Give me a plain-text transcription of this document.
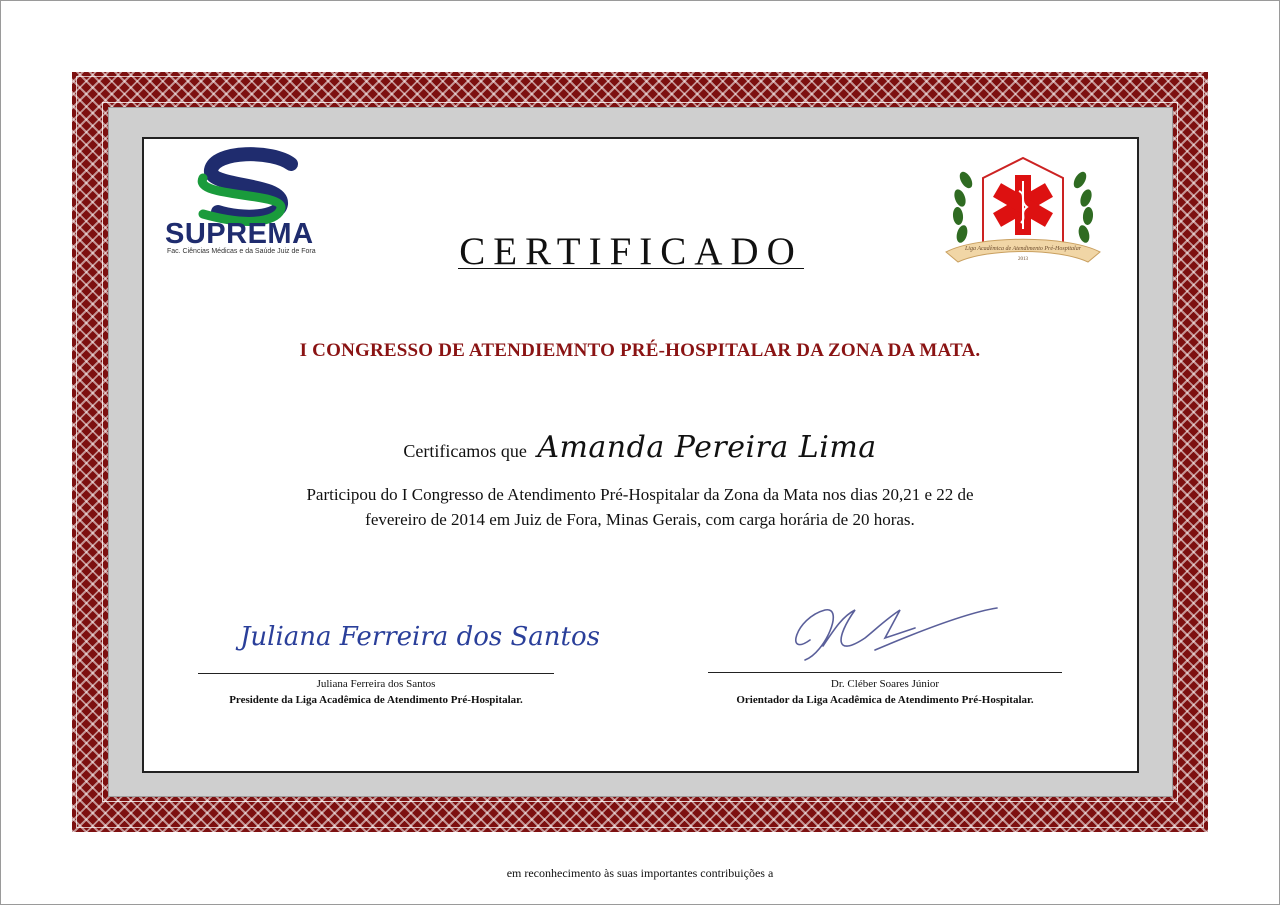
SUPREMA
Fac. Ciências Médicas e da Saúde Juiz de Fora	Liga Acadêmica de Atendimento Pré-Hospitalar
2013
CERTIFICADO
I CONGRESSO DE ATENDIEMNTO PRÉ-HOSPITALAR DA ZONA DA MATA.
Certificamos que Amanda Pereira Lima
Participou do I Congresso de Atendimento Pré-Hospitalar da Zona da Mata nos dias 20,21 e 22 de
fevereiro de 2014 em Juiz de Fora, Minas Gerais, com carga horária de 20 horas.
Juliana Ferreira dos Santos
Juliana Ferreira dos Santos
Presidente da Liga Acadêmica de Atendimento Pré-Hospitalar.
Dr. Cléber Soares Júnior
Orientador da Liga Acadêmica de Atendimento Pré-Hospitalar.
em reconhecimento às suas importantes contribuições a
